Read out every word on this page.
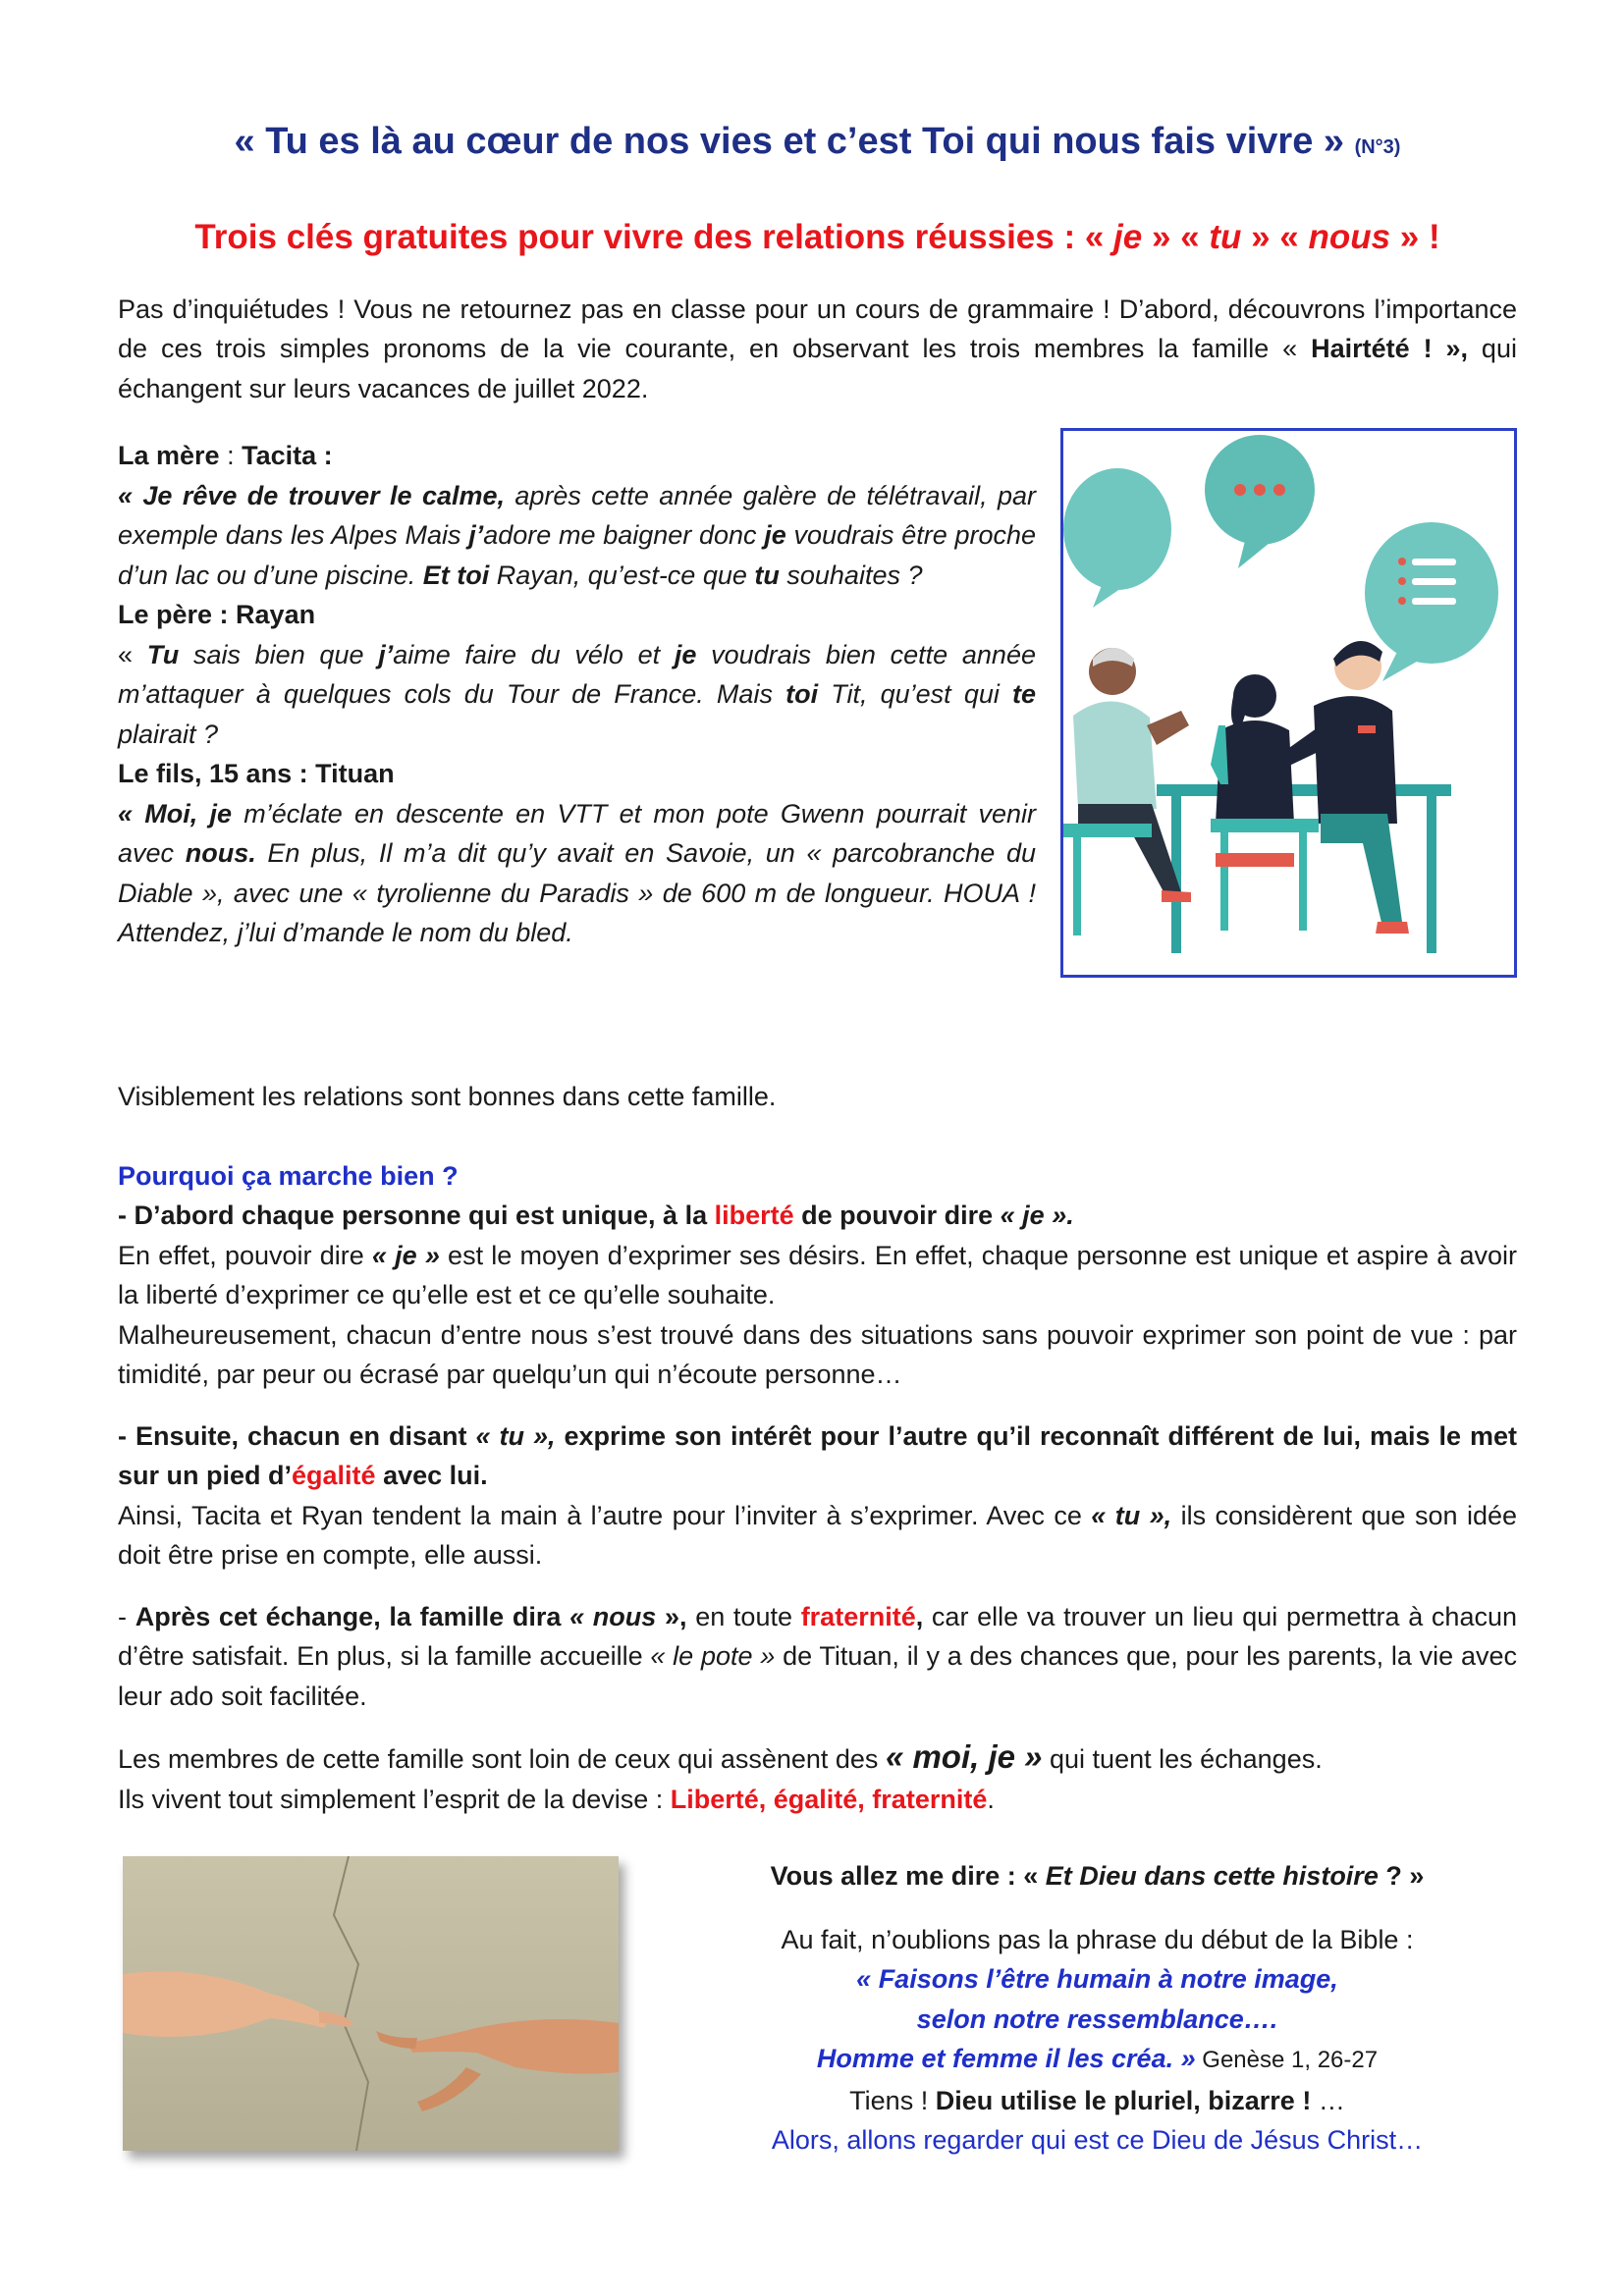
« Tu es là au cœur de nos vies et c’est Toi qui nous fais vivre » (N°3)

Trois clés gratuites pour vivre des relations réussies : « je » « tu » « nous » !

Pas d’inquiétudes ! Vous ne retournez pas en classe pour un cours de grammaire ! D’abord, découvrons l’importance de ces trois simples pronoms de la vie courante, en observant les trois membres la famille « Hairtété ! », qui échangent sur leurs vacances de juillet 2022.

La mère : Tacita :

« Je rêve de trouver le calme, après cette année galère de télétravail, par exemple dans les Alpes Mais j’adore me baigner donc je voudrais être proche d’un lac ou d’une piscine. Et toi Rayan, qu’est-ce que tu souhaites ?

Le père : Rayan

« Tu sais bien que j’aime faire du vélo et je voudrais bien cette année m’attaquer à quelques cols du Tour de France. Mais toi Tit, qu’est qui te plairait ?

Le fils, 15 ans : Tituan

« Moi, je m’éclate en descente en VTT et mon pote Gwenn pourrait venir avec nous. En plus, Il m’a dit qu’y avait en Savoie, un « parcobranche du Diable », avec une « tyrolienne du Paradis » de 600 m de longueur. HOUA ! Attendez, j’lui d’mande le nom du bled.

Visiblement les relations sont bonnes dans cette famille.

Pourquoi ça marche bien ?

- D’abord chaque personne qui est unique, à la liberté de pouvoir dire « je ».

En effet, pouvoir dire « je » est le moyen d’exprimer ses désirs. En effet, chaque personne est unique et aspire à avoir la liberté d’exprimer ce qu’elle est et ce qu’elle souhaite.

Malheureusement, chacun d’entre nous s’est trouvé dans des situations sans pouvoir exprimer son point de vue : par timidité, par peur ou écrasé par quelqu’un qui n’écoute personne…

- Ensuite, chacun en disant « tu », exprime son intérêt pour l’autre qu’il reconnaît différent de lui, mais le met sur un pied d’égalité avec lui.

Ainsi, Tacita et Ryan tendent la main à l’autre pour l’inviter à s’exprimer. Avec ce « tu », ils considèrent que son idée doit être prise en compte, elle aussi.

- Après cet échange, la famille dira « nous », en toute fraternité, car elle va trouver un lieu qui permettra à chacun d’être satisfait. En plus, si la famille accueille « le pote » de Tituan, il y a des chances que, pour les parents, la vie avec leur ado soit facilitée.

Les membres de cette famille sont loin de ceux qui assènent des « moi, je » qui tuent les échanges.

Ils vivent tout simplement l’esprit de la devise : Liberté, égalité, fraternité.

Vous allez me dire : « Et Dieu dans cette histoire ? »

Au fait, n’oublions pas la phrase du début de la Bible :

« Faisons l’être humain à notre image,

selon notre ressemblance….

Homme et femme il les créa. » Genèse 1, 26-27

Tiens ! Dieu utilise le pluriel, bizarre ! …

Alors, allons regarder qui est ce Dieu de Jésus Christ…
